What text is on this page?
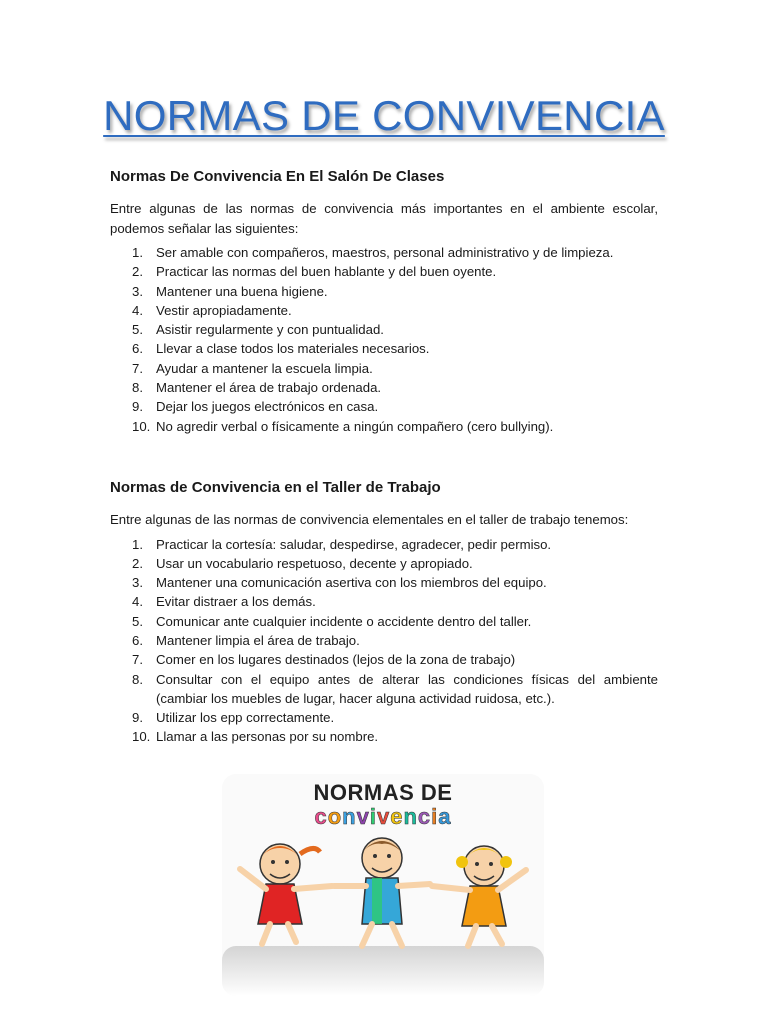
NORMAS DE CONVIVENCIA
Normas De Convivencia En El Salón De Clases

Entre algunas de las normas de convivencia más importantes en el ambiente escolar, podemos señalar las siguientes:

1. Ser amable con compañeros, maestros, personal administrativo y de limpieza.
2. Practicar las normas del buen hablante y del buen oyente.
3. Mantener una buena higiene.
4. Vestir apropiadamente.
5. Asistir regularmente y con puntualidad.
6. Llevar a clase todos los materiales necesarios.
7. Ayudar a mantener la escuela limpia.
8. Mantener el área de trabajo ordenada.
9. Dejar los juegos electrónicos en casa.
10. No agredir verbal o físicamente a ningún compañero (cero bullying).
Normas de Convivencia en el Taller de Trabajo

Entre algunas de las normas de convivencia elementales en el taller de trabajo tenemos:

1. Practicar la cortesía: saludar, despedirse, agradecer, pedir permiso.
2. Usar un vocabulario respetuoso, decente y apropiado.
3. Mantener una comunicación asertiva con los miembros del equipo.
4. Evitar distraer a los demás.
5. Comunicar ante cualquier incidente o accidente dentro del taller.
6. Mantener limpia el área de trabajo.
7. Comer en los lugares destinados (lejos de la zona de trabajo)
8. Consultar con el equipo antes de alterar las condiciones físicas del ambiente (cambiar los muebles de lugar, hacer alguna actividad ruidosa, etc.).
9. Utilizar los epp correctamente.
10. Llamar a las personas por su nombre.
NORMAS DE
convivencia
